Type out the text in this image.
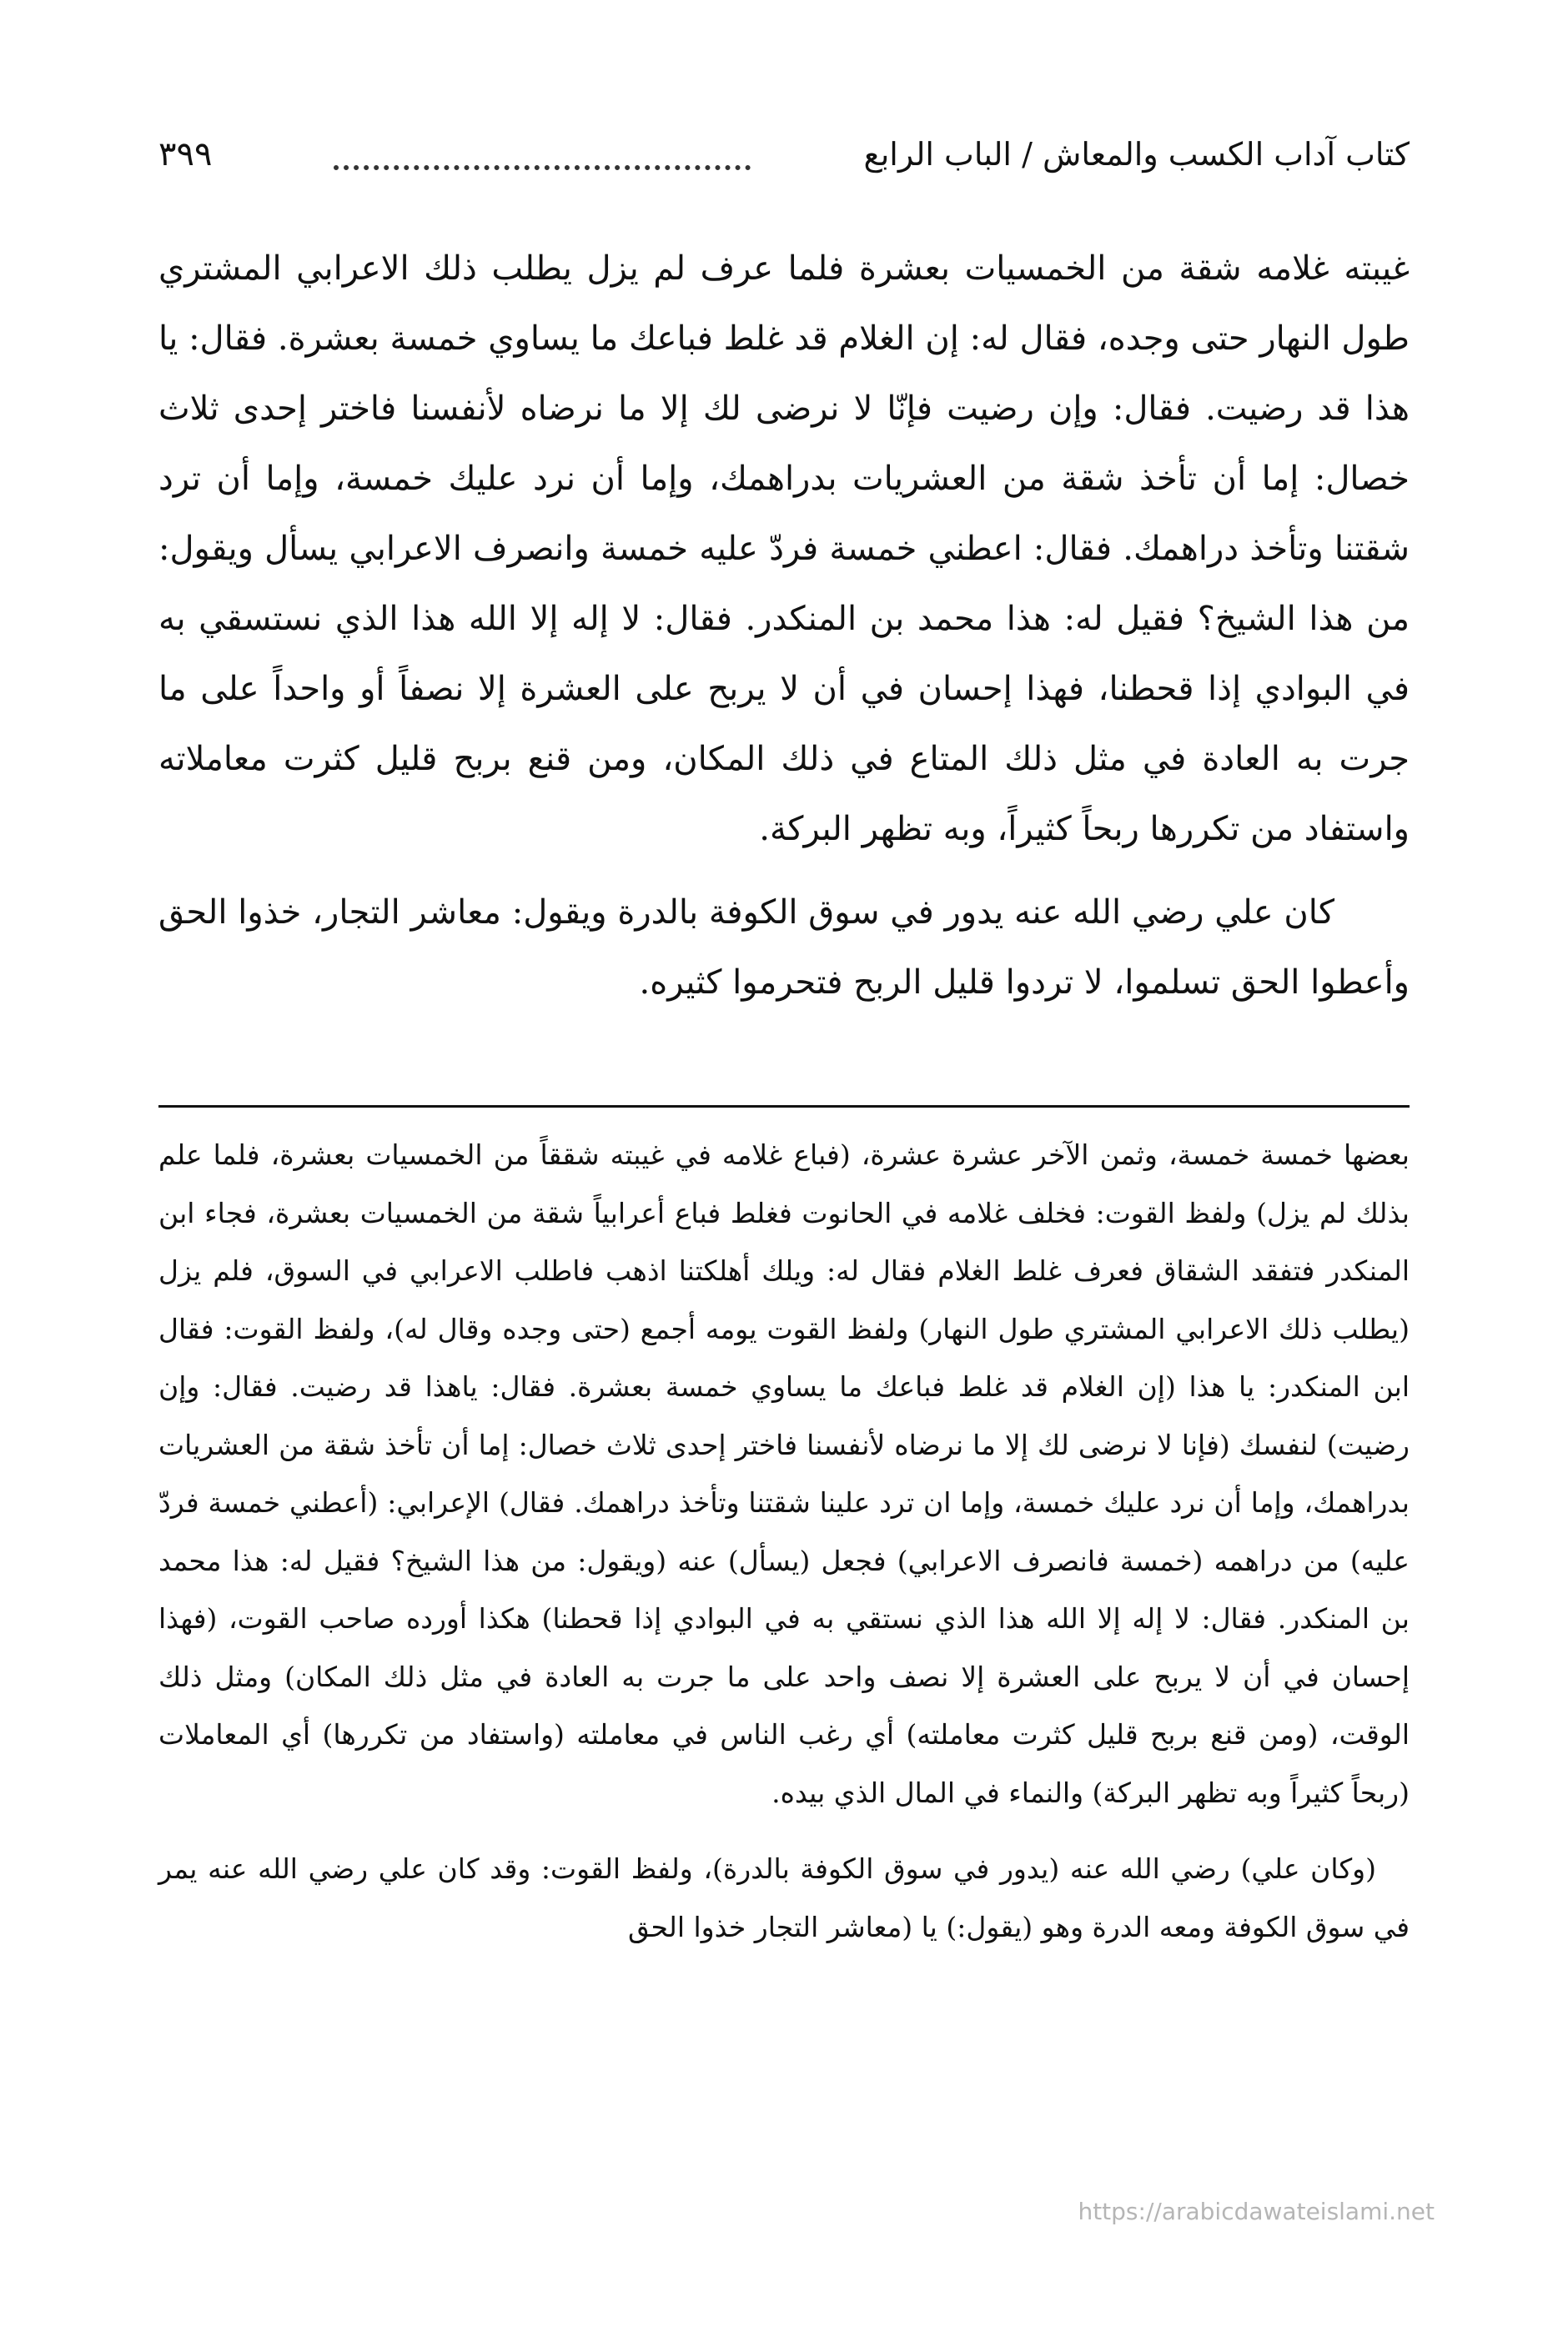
كتاب آداب الكسب والمعاش / الباب الرابع
٣٩٩

غيبته غلامه شقة من الخمسيات بعشرة فلما عرف لم يزل يطلب ذلك الاعرابي المشتري طول النهار حتى وجده، فقال له: إن الغلام قد غلط فباعك ما يساوي خمسة بعشرة. فقال: يا هذا قد رضيت. فقال: وإن رضيت فإنّا لا نرضى لك إلا ما نرضاه لأنفسنا فاختر إحدى ثلاث خصال: إما أن تأخذ شقة من العشريات بدراهمك، وإما أن نرد عليك خمسة، وإما أن ترد شقتنا وتأخذ دراهمك. فقال: اعطني خمسة فردّ عليه خمسة وانصرف الاعرابي يسأل ويقول: من هذا الشيخ؟ فقيل له: هذا محمد بن المنكدر. فقال: لا إله إلا الله هذا الذي نستسقي به في البوادي إذا قحطنا، فهذا إحسان في أن لا يربح على العشرة إلا نصفاً أو واحداً على ما جرت به العادة في مثل ذلك المتاع في ذلك المكان، ومن قنع بربح قليل كثرت معاملاته واستفاد من تكررها ربحاً كثيراً، وبه تظهر البركة.

كان علي رضي الله عنه يدور في سوق الكوفة بالدرة ويقول: معاشر التجار، خذوا الحق وأعطوا الحق تسلموا، لا تردوا قليل الربح فتحرموا كثيره.

بعضها خمسة خمسة، وثمن الآخر عشرة عشرة، (فباع غلامه في غيبته شققاً من الخمسيات بعشرة، فلما علم بذلك لم يزل) ولفظ القوت: فخلف غلامه في الحانوت فغلط فباع أعرابياً شقة من الخمسيات بعشرة، فجاء ابن المنكدر فتفقد الشقاق فعرف غلط الغلام فقال له: ويلك أهلكتنا اذهب فاطلب الاعرابي في السوق، فلم يزل (يطلب ذلك الاعرابي المشتري طول النهار) ولفظ القوت يومه أجمع (حتى وجده وقال له)، ولفظ القوت: فقال ابن المنكدر: يا هذا (إن الغلام قد غلط فباعك ما يساوي خمسة بعشرة. فقال: ياهذا قد رضيت. فقال: وإن رضيت) لنفسك (فإنا لا نرضى لك إلا ما نرضاه لأنفسنا فاختر إحدى ثلاث خصال: إما أن تأخذ شقة من العشريات بدراهمك، وإما أن نرد عليك خمسة، وإما ان ترد علينا شقتنا وتأخذ دراهمك. فقال) الإعرابي: (أعطني خمسة فردّ عليه) من دراهمه (خمسة فانصرف الاعرابي) فجعل (يسأل) عنه (ويقول: من هذا الشيخ؟ فقيل له: هذا محمد بن المنكدر. فقال: لا إله إلا الله هذا الذي نستقي به في البوادي إذا قحطنا) هكذا أورده صاحب القوت، (فهذا إحسان في أن لا يربح على العشرة إلا نصف واحد على ما جرت به العادة في مثل ذلك المكان) ومثل ذلك الوقت، (ومن قنع بربح قليل كثرت معاملته) أي رغب الناس في معاملته (واستفاد من تكررها) أي المعاملات (ربحاً كثيراً وبه تظهر البركة) والنماء في المال الذي بيده.

(وكان علي) رضي الله عنه (يدور في سوق الكوفة بالدرة)، ولفظ القوت: وقد كان علي رضي الله عنه يمر في سوق الكوفة ومعه الدرة وهو (يقول:) يا (معاشر التجار خذوا الحق

https://arabicdawateislami.net
